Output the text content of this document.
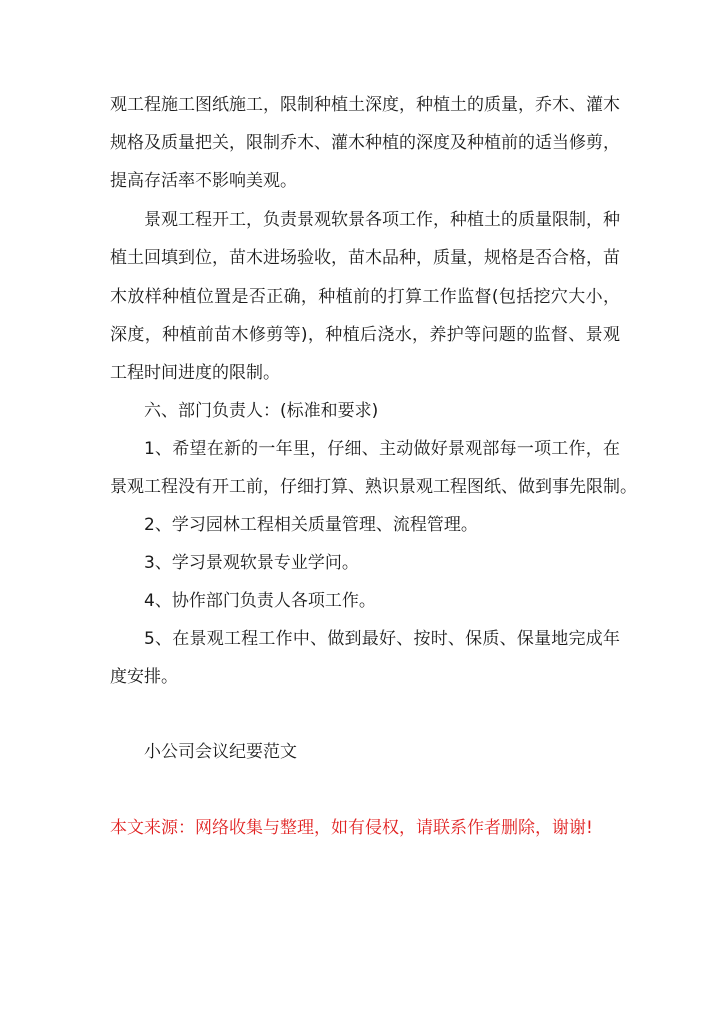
观工程施工图纸施工，限制种植土深度，种植土的质量，乔木、灌木
规格及质量把关，限制乔木、灌木种植的深度及种植前的适当修剪，
提高存活率不影响美观。
景观工程开工，负责景观软景各项工作，种植土的质量限制，种
植土回填到位，苗木进场验收，苗木品种，质量，规格是否合格，苗
木放样种植位置是否正确，种植前的打算工作监督(包括挖穴大小，
深度，种植前苗木修剪等)，种植后浇水，养护等问题的监督、景观
工程时间进度的限制。
六、部门负责人：(标准和要求)
1、希望在新的一年里，仔细、主动做好景观部每一项工作，在
景观工程没有开工前，仔细打算、熟识景观工程图纸、做到事先限制。
2、学习园林工程相关质量管理、流程管理。
3、学习景观软景专业学问。
4、协作部门负责人各项工作。
5、在景观工程工作中、做到最好、按时、保质、保量地完成年
度安排。
小公司会议纪要范文
本文来源：网络收集与整理，如有侵权，请联系作者删除，谢谢!
